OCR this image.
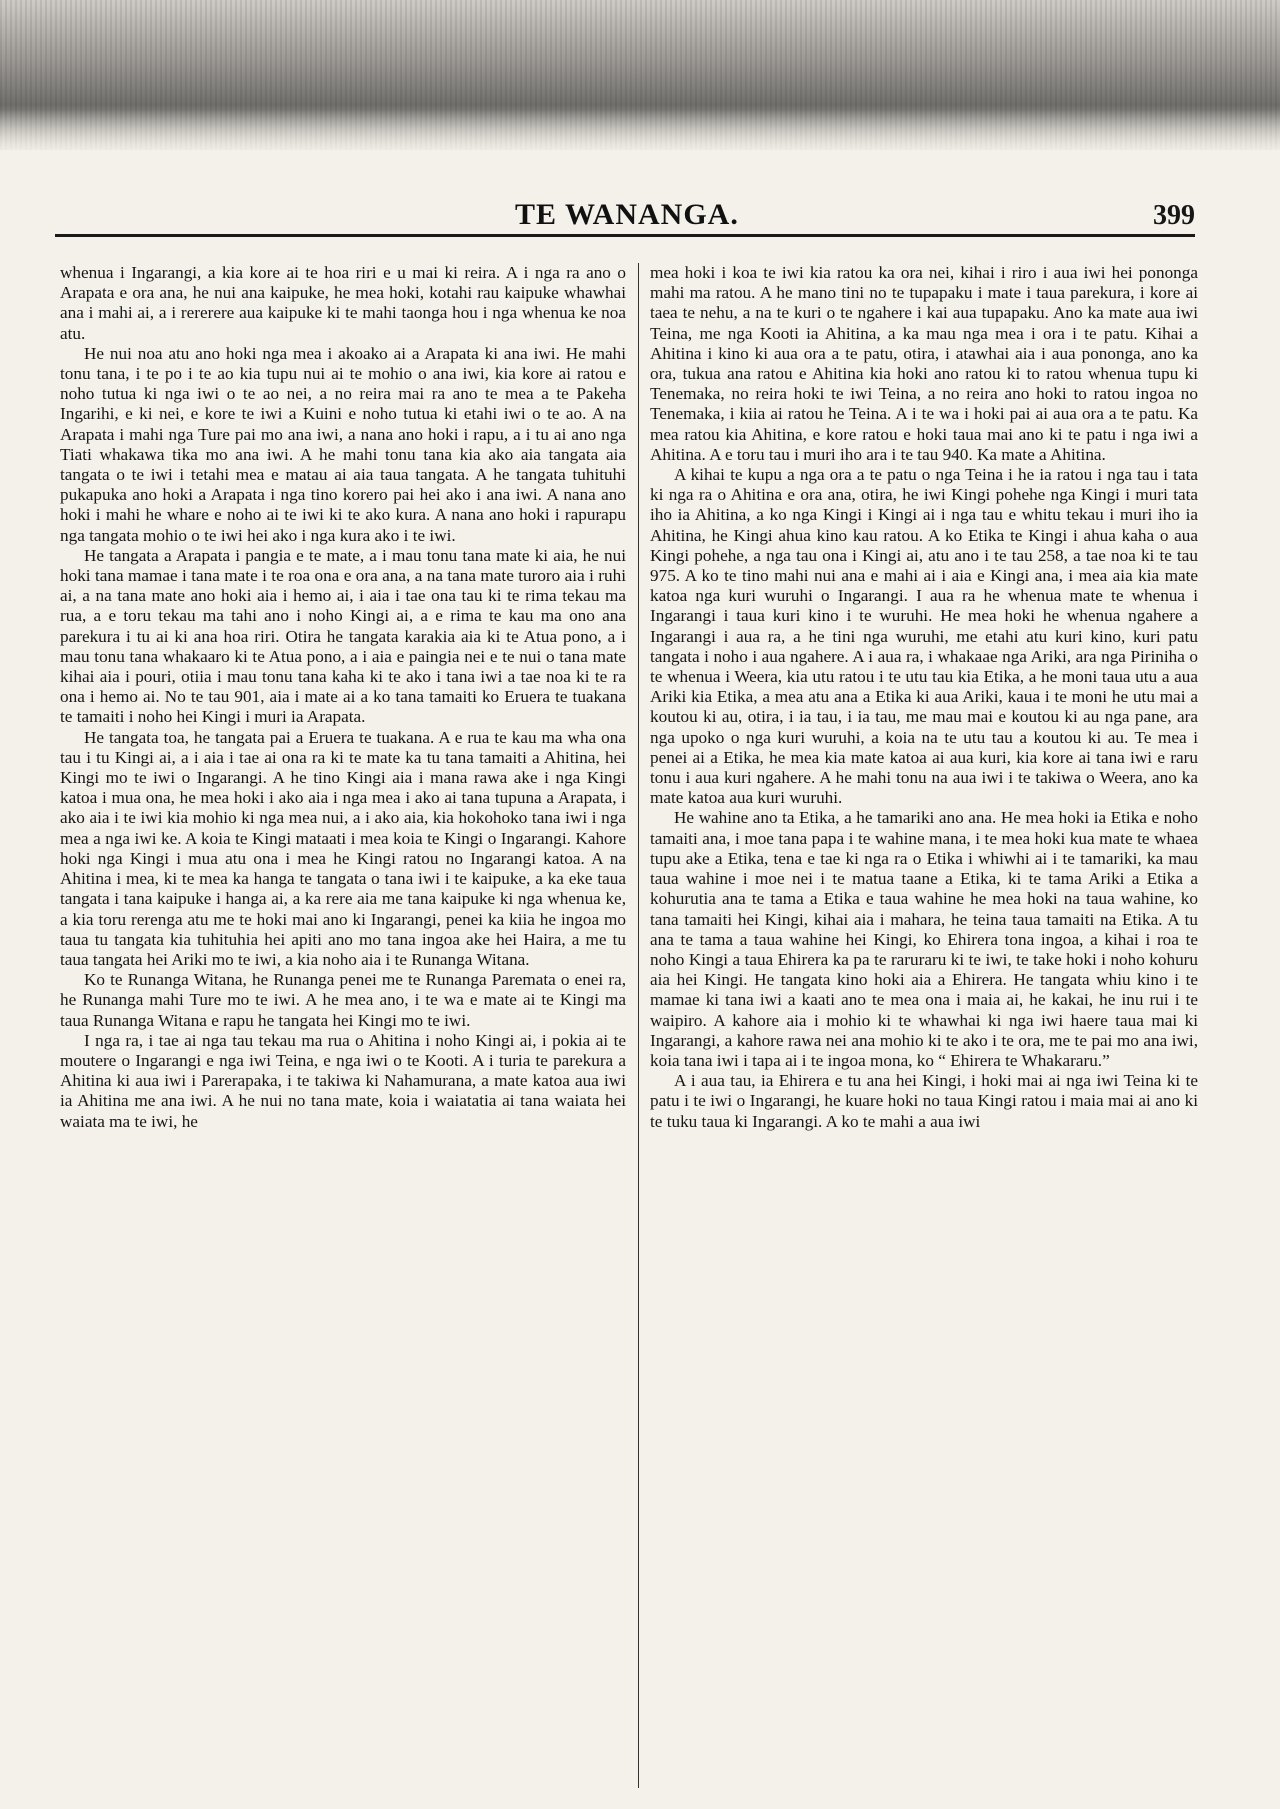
TE WANANGA.	399

whenua i Ingarangi, a kia kore ai te hoa riri e u mai ki reira. A i nga ra ano o Arapata e ora ana, he nui ana kaipuke, he mea hoki, kotahi rau kaipuke whawhai ana i mahi ai, a i rererere aua kaipuke ki te mahi taonga hou i nga whenua ke noa atu.

He nui noa atu ano hoki nga mea i akoako ai a Arapata ki ana iwi. He mahi tonu tana, i te po i te ao kia tupu nui ai te mohio o ana iwi, kia kore ai ratou e noho tutua ki nga iwi o te ao nei, a no reira mai ra ano te mea a te Pakeha Ingarihi, e ki nei, e kore te iwi a Kuini e noho tutua ki etahi iwi o te ao. A na Arapata i mahi nga Ture pai mo ana iwi, a nana ano hoki i rapu, a i tu ai ano nga Tiati whakawa tika mo ana iwi. A he mahi tonu tana kia ako aia tangata aia tangata o te iwi i tetahi mea e matau ai aia taua tangata. A he tangata tuhituhi pukapuka ano hoki a Arapata i nga tino korero pai hei ako i ana iwi. A nana ano hoki i mahi he whare e noho ai te iwi ki te ako kura. A nana ano hoki i rapurapu nga tangata mohio o te iwi hei ako i nga kura ako i te iwi.

He tangata a Arapata i pangia e te mate, a i mau tonu tana mate ki aia, he nui hoki tana mamae i tana mate i te roa ona e ora ana, a na tana mate turoro aia i ruhi ai, a na tana mate ano hoki aia i hemo ai, i aia i tae ona tau ki te rima tekau ma rua, a e toru tekau ma tahi ano i noho Kingi ai, a e rima te kau ma ono ana parekura i tu ai ki ana hoa riri. Otira he tangata karakia aia ki te Atua pono, a i mau tonu tana whakaaro ki te Atua pono, a i aia e paingia nei e te nui o tana mate kihai aia i pouri, otiia i mau tonu tana kaha ki te ako i tana iwi a tae noa ki te ra ona i hemo ai. No te tau 901, aia i mate ai a ko tana tamaiti ko Eruera te tuakana te tamaiti i noho hei Kingi i muri ia Arapata.

He tangata toa, he tangata pai a Eruera te tuakana. A e rua te kau ma wha ona tau i tu Kingi ai, a i aia i tae ai ona ra ki te mate ka tu tana tamaiti a Ahitina, hei Kingi mo te iwi o Ingarangi. A he tino Kingi aia i mana rawa ake i nga Kingi katoa i mua ona, he mea hoki i ako aia i nga mea i ako ai tana tupuna a Arapata, i ako aia i te iwi kia mohio ki nga mea nui, a i ako aia, kia hokohoko tana iwi i nga mea a nga iwi ke. A koia te Kingi mataati i mea koia te Kingi o Ingarangi. Kahore hoki nga Kingi i mua atu ona i mea he Kingi ratou no Ingarangi katoa. A na Ahitina i mea, ki te mea ka hanga te tangata o tana iwi i te kaipuke, a ka eke taua tangata i tana kaipuke i hanga ai, a ka rere aia me tana kaipuke ki nga whenua ke, a kia toru rerenga atu me te hoki mai ano ki Ingarangi, penei ka kiia he ingoa mo taua tu tangata kia tuhituhia hei apiti ano mo tana ingoa ake hei Haira, a me tu taua tangata hei Ariki mo te iwi, a kia noho aia i te Runanga Witana.

Ko te Runanga Witana, he Runanga penei me te Runanga Paremata o enei ra, he Runanga mahi Ture mo te iwi. A he mea ano, i te wa e mate ai te Kingi ma taua Runanga Witana e rapu he tangata hei Kingi mo te iwi.

I nga ra, i tae ai nga tau tekau ma rua o Ahitina i noho Kingi ai, i pokia ai te moutere o Ingarangi e nga iwi Teina, e nga iwi o te Kooti. A i turia te parekura a Ahitina ki aua iwi i Parerapaka, i te takiwa ki Nahamurana, a mate katoa aua iwi ia Ahitina me ana iwi. A he nui no tana mate, koia i waiatatia ai tana waiata hei waiata ma te iwi, he

mea hoki i koa te iwi kia ratou ka ora nei, kihai i riro i aua iwi hei pononga mahi ma ratou. A he mano tini no te tupapaku i mate i taua parekura, i kore ai taea te nehu, a na te kuri o te ngahere i kai aua tupapaku. Ano ka mate aua iwi Teina, me nga Kooti ia Ahitina, a ka mau nga mea i ora i te patu. Kihai a Ahitina i kino ki aua ora a te patu, otira, i atawhai aia i aua pononga, ano ka ora, tukua ana ratou e Ahitina kia hoki ano ratou ki to ratou whenua tupu ki Tenemaka, no reira hoki te iwi Teina, a no reira ano hoki to ratou ingoa no Tenemaka, i kiia ai ratou he Teina. A i te wa i hoki pai ai aua ora a te patu. Ka mea ratou kia Ahitina, e kore ratou e hoki taua mai ano ki te patu i nga iwi a Ahitina. A e toru tau i muri iho ara i te tau 940. Ka mate a Ahitina.

A kihai te kupu a nga ora a te patu o nga Teina i he ia ratou i nga tau i tata ki nga ra o Ahitina e ora ana, otira, he iwi Kingi pohehe nga Kingi i muri tata iho ia Ahitina, a ko nga Kingi i Kingi ai i nga tau e whitu tekau i muri iho ia Ahitina, he Kingi ahua kino kau ratou. A ko Etika te Kingi i ahua kaha o aua Kingi pohehe, a nga tau ona i Kingi ai, atu ano i te tau 258, a tae noa ki te tau 975. A ko te tino mahi nui ana e mahi ai i aia e Kingi ana, i mea aia kia mate katoa nga kuri wuruhi o Ingarangi. I aua ra he whenua mate te whenua i Ingarangi i taua kuri kino i te wuruhi. He mea hoki he whenua ngahere a Ingarangi i aua ra, a he tini nga wuruhi, me etahi atu kuri kino, kuri patu tangata i noho i aua ngahere. A i aua ra, i whakaae nga Ariki, ara nga Piriniha o te whenua i Weera, kia utu ratou i te utu tau kia Etika, a he moni taua utu a aua Ariki kia Etika, a mea atu ana a Etika ki aua Ariki, kaua i te moni he utu mai a koutou ki au, otira, i ia tau, i ia tau, me mau mai e koutou ki au nga pane, ara nga upoko o nga kuri wuruhi, a koia na te utu tau a koutou ki au. Te mea i penei ai a Etika, he mea kia mate katoa ai aua kuri, kia kore ai tana iwi e raru tonu i aua kuri ngahere. A he mahi tonu na aua iwi i te takiwa o Weera, ano ka mate katoa aua kuri wuruhi.

He wahine ano ta Etika, a he tamariki ano ana. He mea hoki ia Etika e noho tamaiti ana, i moe tana papa i te wahine mana, i te mea hoki kua mate te whaea tupu ake a Etika, tena e tae ki nga ra o Etika i whiwhi ai i te tamariki, ka mau taua wahine i moe nei i te matua taane a Etika, ki te tama Ariki a Etika a kohurutia ana te tama a Etika e taua wahine he mea hoki na taua wahine, ko tana tamaiti hei Kingi, kihai aia i mahara, he teina taua tamaiti na Etika. A tu ana te tama a taua wahine hei Kingi, ko Ehirera tona ingoa, a kihai i roa te noho Kingi a taua Ehirera ka pa te raruraru ki te iwi, te take hoki i noho kohuru aia hei Kingi. He tangata kino hoki aia a Ehirera. He tangata whiu kino i te mamae ki tana iwi a kaati ano te mea ona i maia ai, he kakai, he inu rui i te waipiro. A kahore aia i mohio ki te whawhai ki nga iwi haere taua mai ki Ingarangi, a kahore rawa nei ana mohio ki te ako i te ora, me te pai mo ana iwi, koia tana iwi i tapa ai i te ingoa mona, ko “ Ehirera te Whakararu.”

A i aua tau, ia Ehirera e tu ana hei Kingi, i hoki mai ai nga iwi Teina ki te patu i te iwi o Ingarangi, he kuare hoki no taua Kingi ratou i maia mai ai ano ki te tuku taua ki Ingarangi. A ko te mahi a aua iwi
